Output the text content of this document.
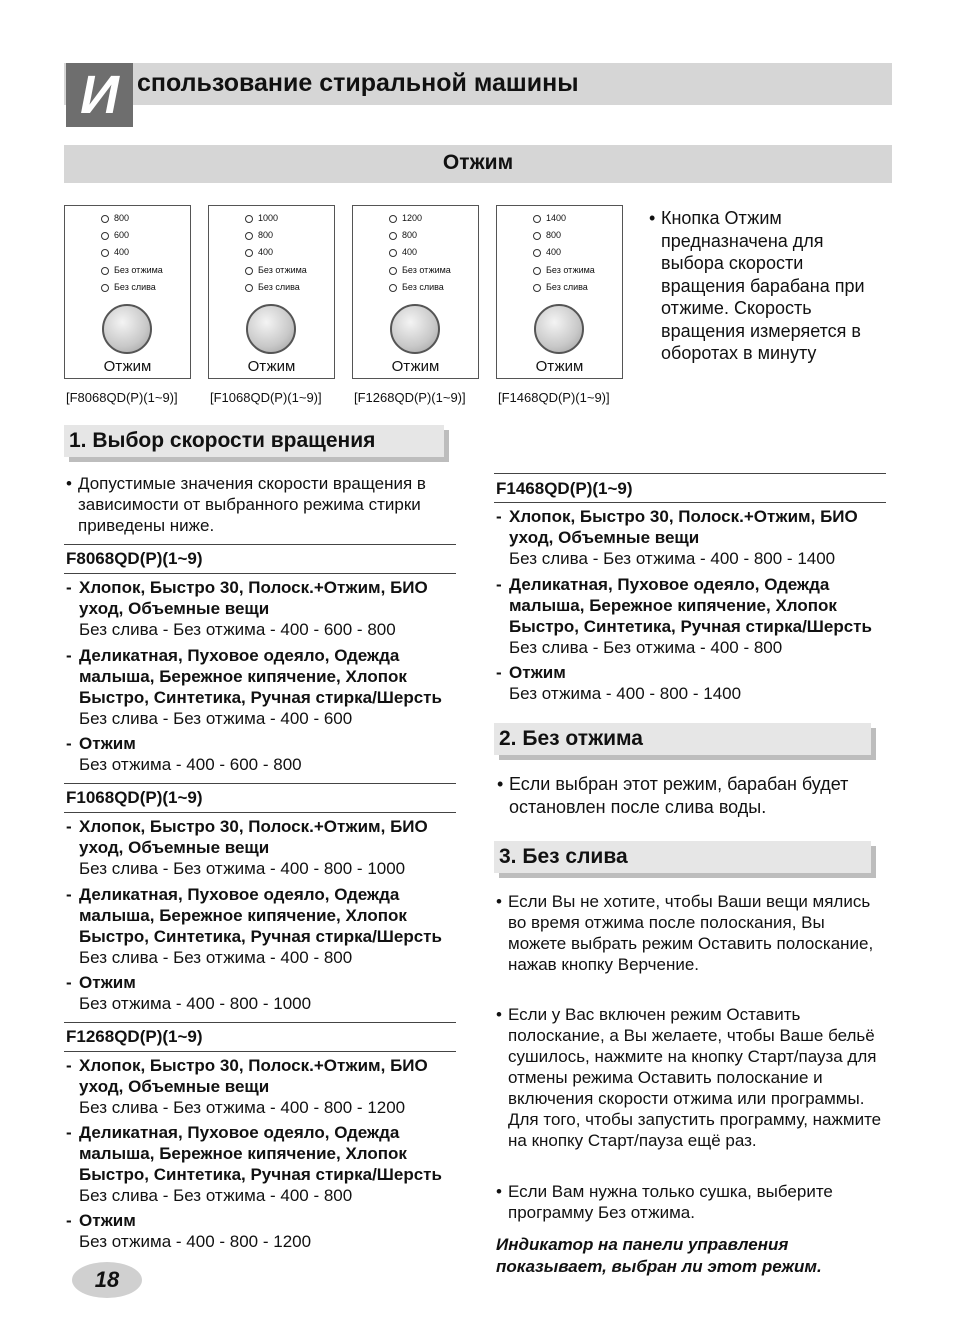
И спользование стиральной машины
Отжим
800
600
400
Без отжима
Без слива
Отжим
1000
800
400
Без отжима
Без слива
Отжим
1200
800
400
Без отжима
Без слива
Отжим
1400
800
400
Без отжима
Без слива
Отжим
[F8068QD(P)(1~9)] [F1068QD(P)(1~9)] [F1268QD(P)(1~9)] [F1468QD(P)(1~9)]
• Кнопка Отжим предназначена для выбора скорости вращения барабана при отжиме. Скорость вращения измеряется в оборотах в минуту
1. Выбор скорости вращения
• Допустимые значения скорости вращения в зависимости от выбранного режима стирки приведены ниже.
F8068QD(P)(1~9)
- Хлопок, Быстро 30, Полоск.+Отжим, БИО уход, Объемные вещи
Без слива - Без отжима - 400 - 600 - 800
- Деликатная, Пуховое одеяло, Одежда малыша, Бережное кипячение, Хлопок Быстро, Синтетика, Ручная стирка/Шерсть
Без слива - Без отжима - 400 - 600
- Отжим
Без отжима - 400 - 600 - 800
F1068QD(P)(1~9)
- Хлопок, Быстро 30, Полоск.+Отжим, БИО уход, Объемные вещи
Без слива - Без отжима - 400 - 800 - 1000
- Деликатная, Пуховое одеяло, Одежда малыша, Бережное кипячение, Хлопок Быстро, Синтетика, Ручная стирка/Шерсть
Без слива - Без отжима - 400 - 800
- Отжим
Без отжима - 400 - 800 - 1000
F1268QD(P)(1~9)
- Хлопок, Быстро 30, Полоск.+Отжим, БИО уход, Объемные вещи
Без слива - Без отжима - 400 - 800 - 1200
- Деликатная, Пуховое одеяло, Одежда малыша, Бережное кипячение, Хлопок Быстро, Синтетика, Ручная стирка/Шерсть
Без слива - Без отжима - 400 - 800
- Отжим
Без отжима - 400 - 800 - 1200
F1468QD(P)(1~9)
- Хлопок, Быстро 30, Полоск.+Отжим, БИО уход, Объемные вещи
Без слива - Без отжима - 400 - 800 - 1400
- Деликатная, Пуховое одеяло, Одежда малыша, Бережное кипячение, Хлопок Быстро, Синтетика, Ручная стирка/Шерсть
Без слива - Без отжима - 400 - 800
- Отжим
Без отжима - 400 - 800 - 1400
2. Без отжима
• Если выбран этот режим, барабан будет остановлен после слива воды.
3. Без слива
• Если Вы не хотите, чтобы Ваши вещи мялись во время отжима после полоскания, Вы можете выбрать режим Оставить полоскание, нажав кнопку Верчение.
• Если у Вас включен режим Оставить полоскание, а Вы желаете, чтобы Ваше бельё сушилось, нажмите на кнопку Старт/пауза для отмены режима Оставить полоскание и включения скорости отжима или программы.
Для того, чтобы запустить программу, нажмите на кнопку Старт/пауза ещё раз.
• Если Вам нужна только сушка, выберите программу Без отжима.
Индикатор на панели управления показывает, выбран ли этот режим.
18
